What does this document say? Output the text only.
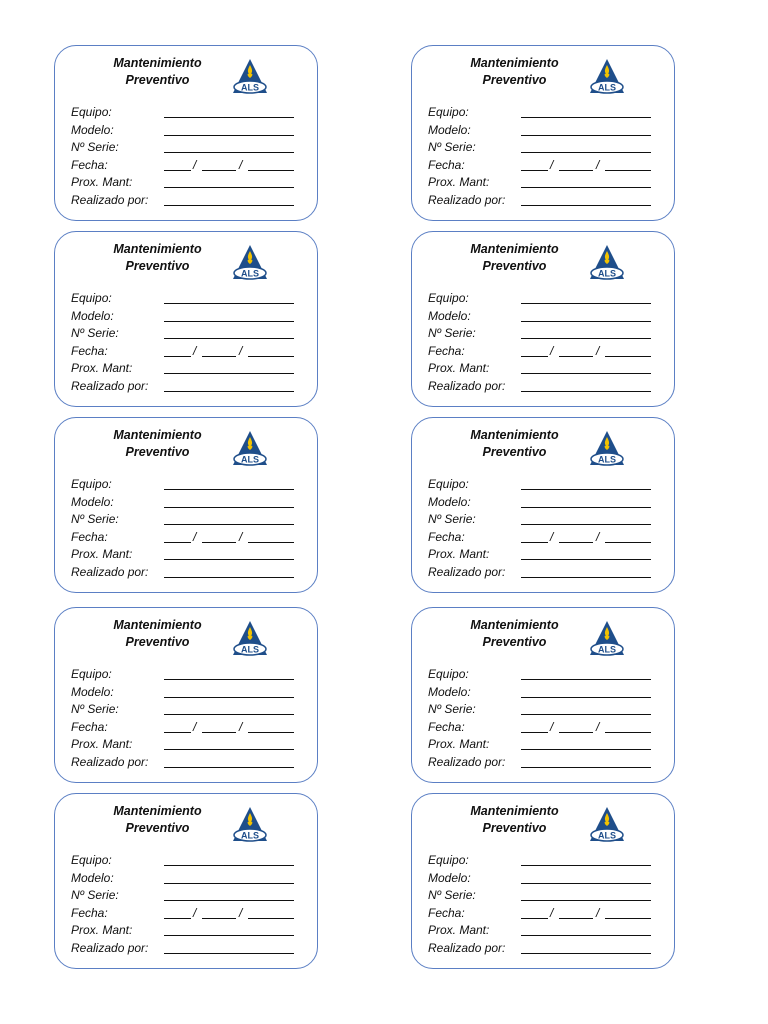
Mantenimiento
Preventivo
ALS
Equipo:
Modelo:
Nº Serie:
Fecha:	/	/
Prox. Mant:
Realizado por:
Mantenimiento
Preventivo
ALS
Equipo:
Modelo:
Nº Serie:
Fecha:	/	/
Prox. Mant:
Realizado por:
Mantenimiento
Preventivo
ALS
Equipo:
Modelo:
Nº Serie:
Fecha:	/	/
Prox. Mant:
Realizado por:
Mantenimiento
Preventivo
ALS
Equipo:
Modelo:
Nº Serie:
Fecha:	/	/
Prox. Mant:
Realizado por:
Mantenimiento
Preventivo
ALS
Equipo:
Modelo:
Nº Serie:
Fecha:	/	/
Prox. Mant:
Realizado por:
Mantenimiento
Preventivo
ALS
Equipo:
Modelo:
Nº Serie:
Fecha:	/	/
Prox. Mant:
Realizado por:
Mantenimiento
Preventivo
ALS
Equipo:
Modelo:
Nº Serie:
Fecha:	/	/
Prox. Mant:
Realizado por:
Mantenimiento
Preventivo
ALS
Equipo:
Modelo:
Nº Serie:
Fecha:	/	/
Prox. Mant:
Realizado por:
Mantenimiento
Preventivo
ALS
Equipo:
Modelo:
Nº Serie:
Fecha:	/	/
Prox. Mant:
Realizado por:
Mantenimiento
Preventivo
ALS
Equipo:
Modelo:
Nº Serie:
Fecha:	/	/
Prox. Mant:
Realizado por:
